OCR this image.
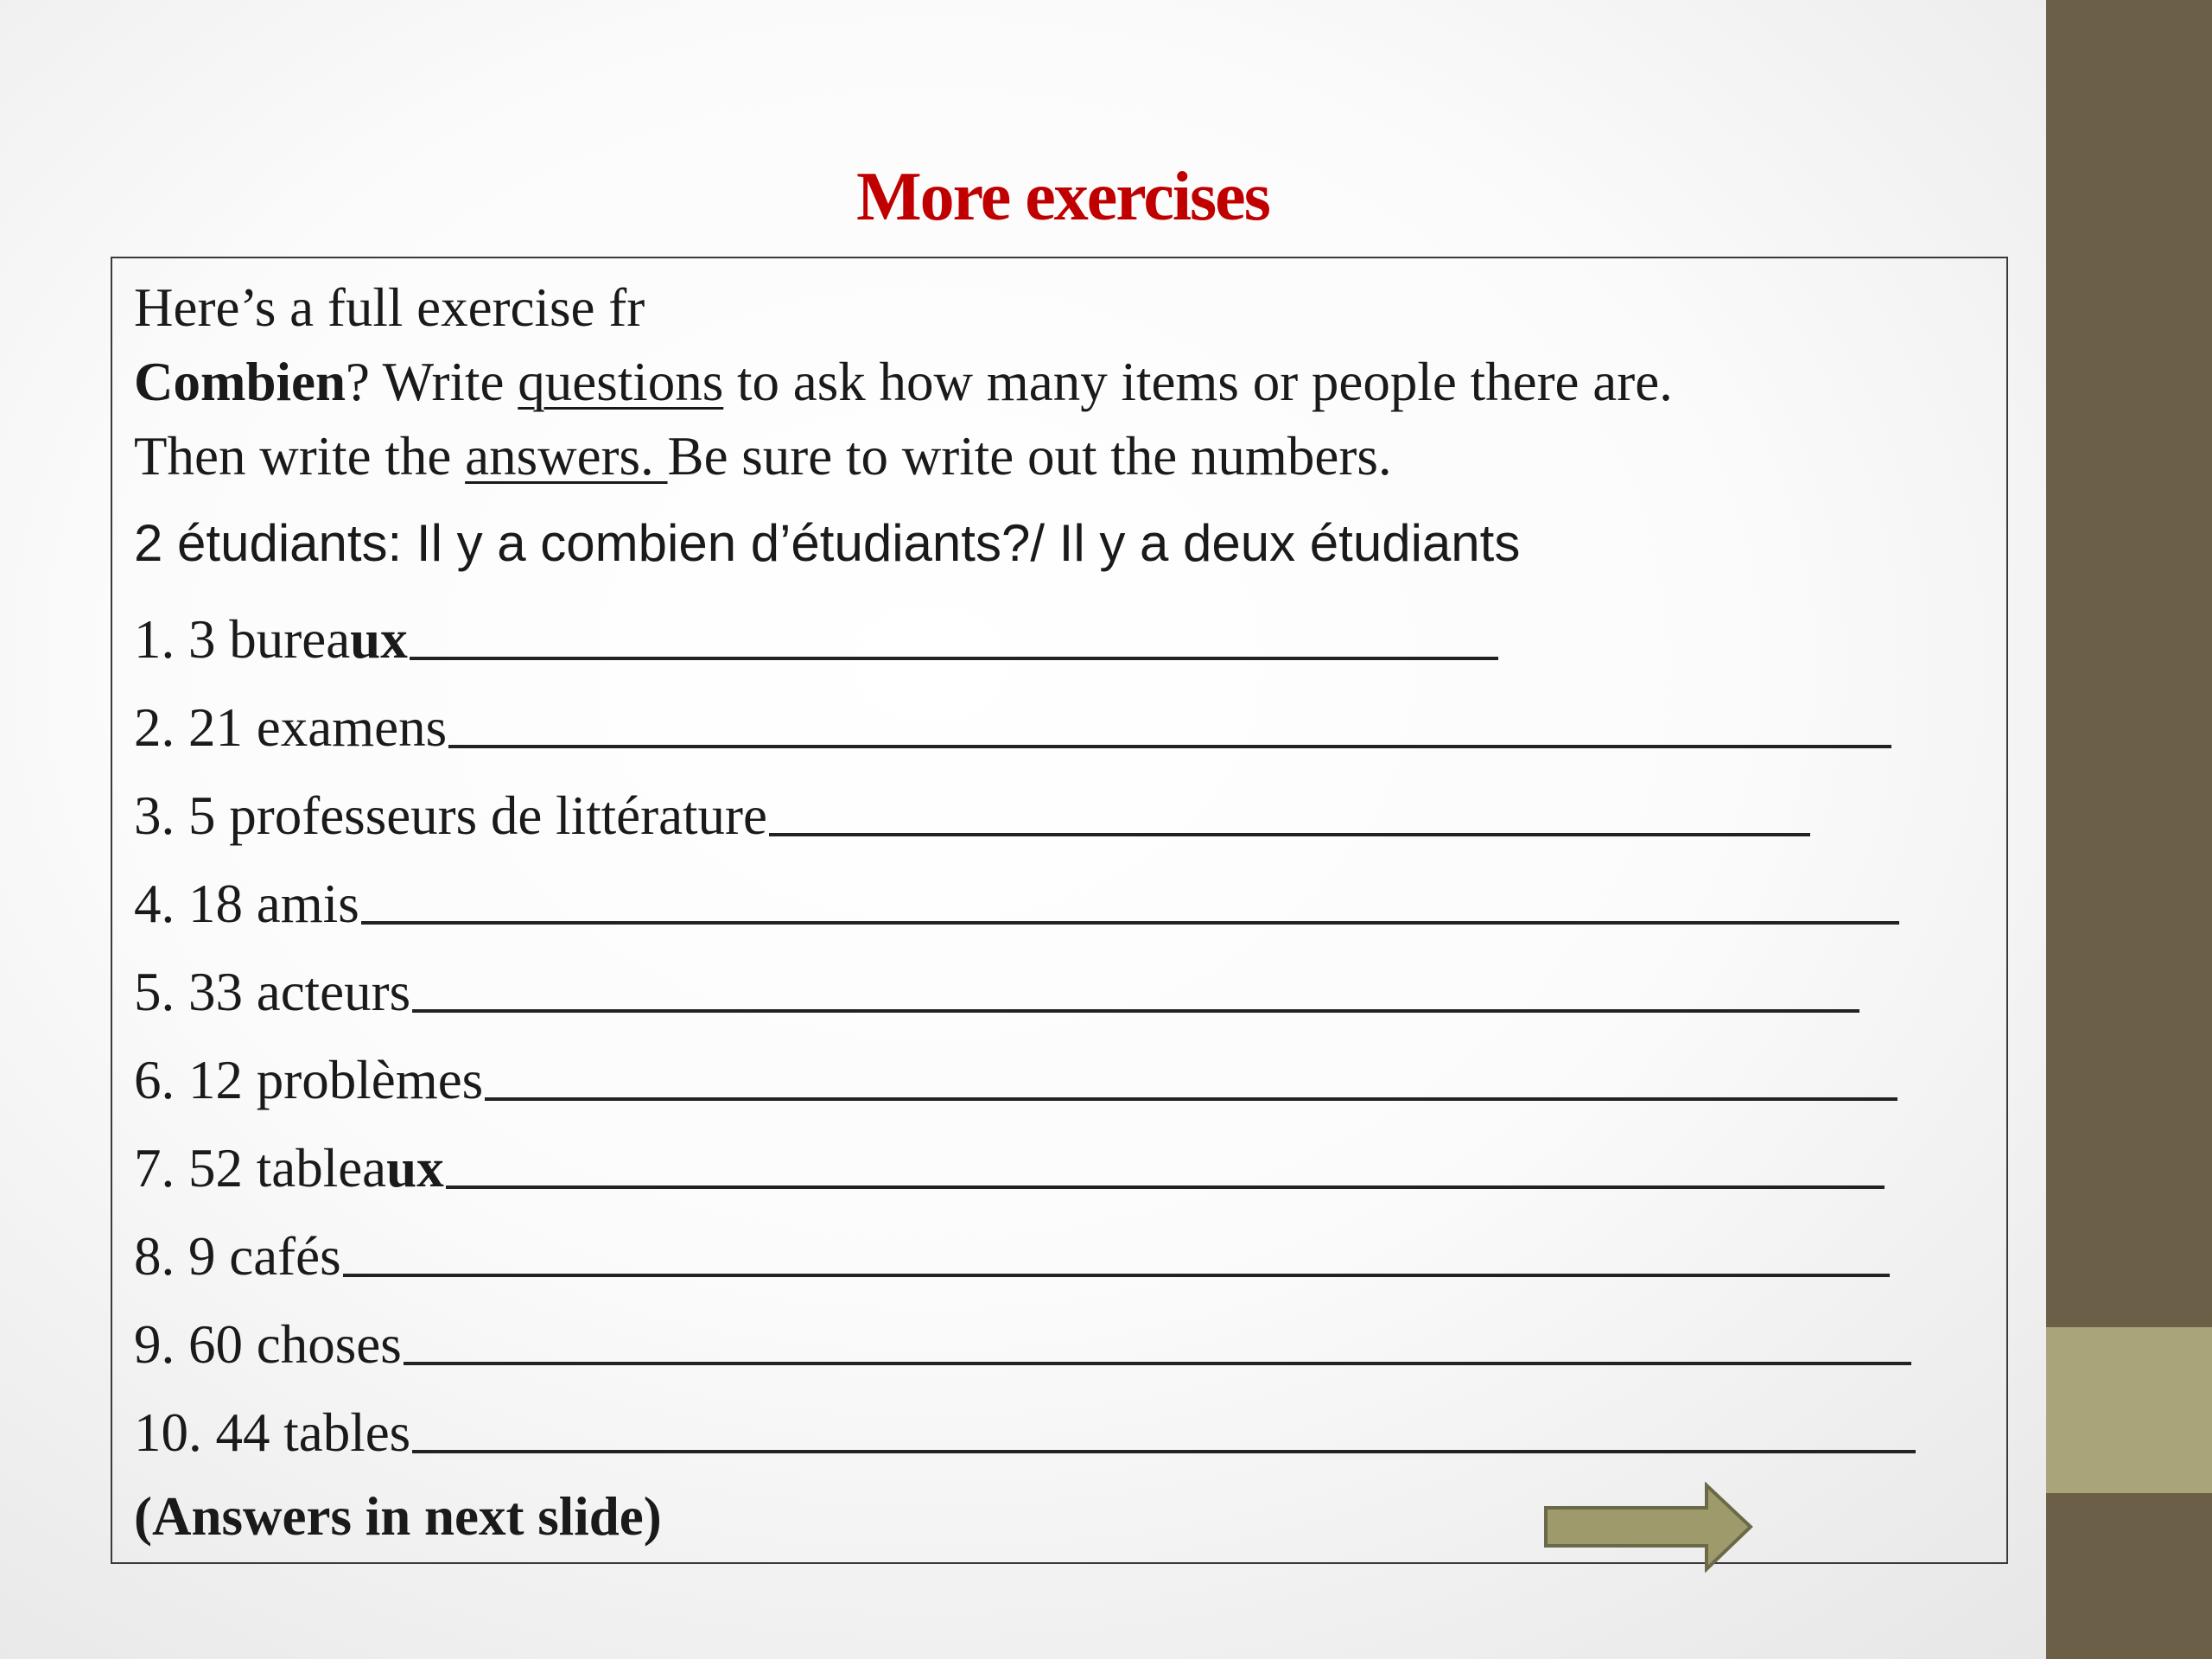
More exercises
Here’s a full exercise fr
Combien? Write questions to ask how many items or people there are.
Then write the answers. Be sure to write out the numbers.
2 étudiants: Il y a combien d’étudiants?/ Il y a deux étudiants
1. 3 bureaux
2. 21 examens
3. 5 professeurs de littérature
4. 18 amis
5. 33 acteurs
6. 12 problèmes
7. 52 tableaux
8. 9 cafés
9. 60 choses
10. 44 tables
(Answers in next slide)
